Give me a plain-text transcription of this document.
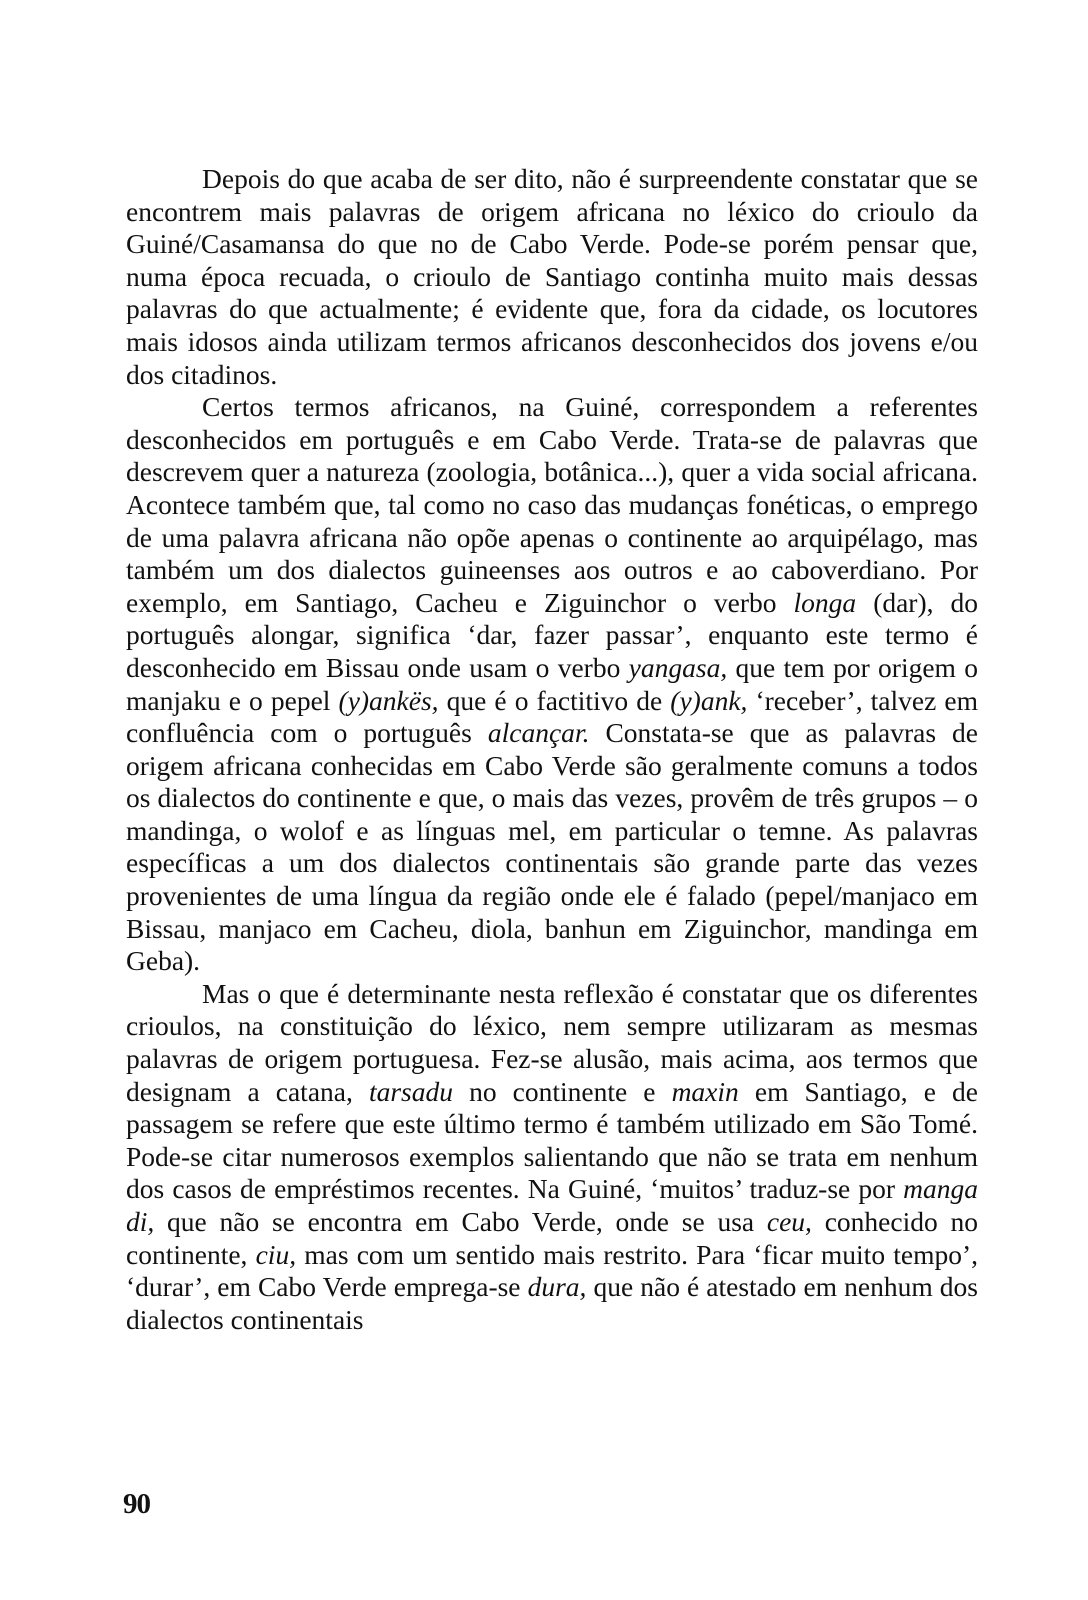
Depois do que acaba de ser dito, não é surpreendente constatar que se encontrem mais palavras de origem africana no léxico do crioulo da Guiné/Casamansa do que no de Cabo Verde. Pode-se porém pensar que, numa época recuada, o crioulo de Santiago continha muito mais dessas palavras do que actualmente; é evidente que, fora da cidade, os locutores mais idosos ainda utilizam termos africanos desconhecidos dos jovens e/ou dos citadinos.

Certos termos africanos, na Guiné, correspondem a referentes desconhecidos em português e em Cabo Verde. Trata-se de palavras que descrevem quer a natureza (zoologia, botânica...), quer a vida social africana. Acontece também que, tal como no caso das mudanças fonéticas, o emprego de uma palavra africana não opõe apenas o continente ao arquipélago, mas também um dos dialectos guineenses aos outros e ao caboverdiano. Por exemplo, em Santiago, Cacheu e Ziguinchor o verbo longa (dar), do português alongar, significa ‘dar, fazer passar’, enquanto este termo é desconhecido em Bissau onde usam o verbo yangasa, que tem por origem o manjaku e o pepel (y)ankës, que é o factitivo de (y)ank, ‘receber’, talvez em confluência com o português alcançar. Constata-se que as palavras de origem africana conhecidas em Cabo Verde são geralmente comuns a todos os dialectos do continente e que, o mais das vezes, provêm de três grupos – o mandinga, o wolof e as línguas mel, em particular o temne. As palavras específicas a um dos dialectos continentais são grande parte das vezes provenientes de uma língua da região onde ele é falado (pepel/manjaco em Bissau, manjaco em Cacheu, diola, banhun em Ziguinchor, mandinga em Geba).

Mas o que é determinante nesta reflexão é constatar que os diferentes crioulos, na constituição do léxico, nem sempre utilizaram as mesmas palavras de origem portuguesa. Fez-se alusão, mais acima, aos termos que designam a catana, tarsadu no continente e maxin em Santiago, e de passagem se refere que este último termo é também utilizado em São Tomé. Pode-se citar numerosos exemplos salientando que não se trata em nenhum dos casos de empréstimos recentes. Na Guiné, ‘muitos’ traduz-se por manga di, que não se encontra em Cabo Verde, onde se usa ceu, conhecido no continente, ciu, mas com um sentido mais restrito. Para ‘ficar muito tempo’, ‘durar’, em Cabo Verde emprega-se dura, que não é atestado em nenhum dos dialectos continentais

90
